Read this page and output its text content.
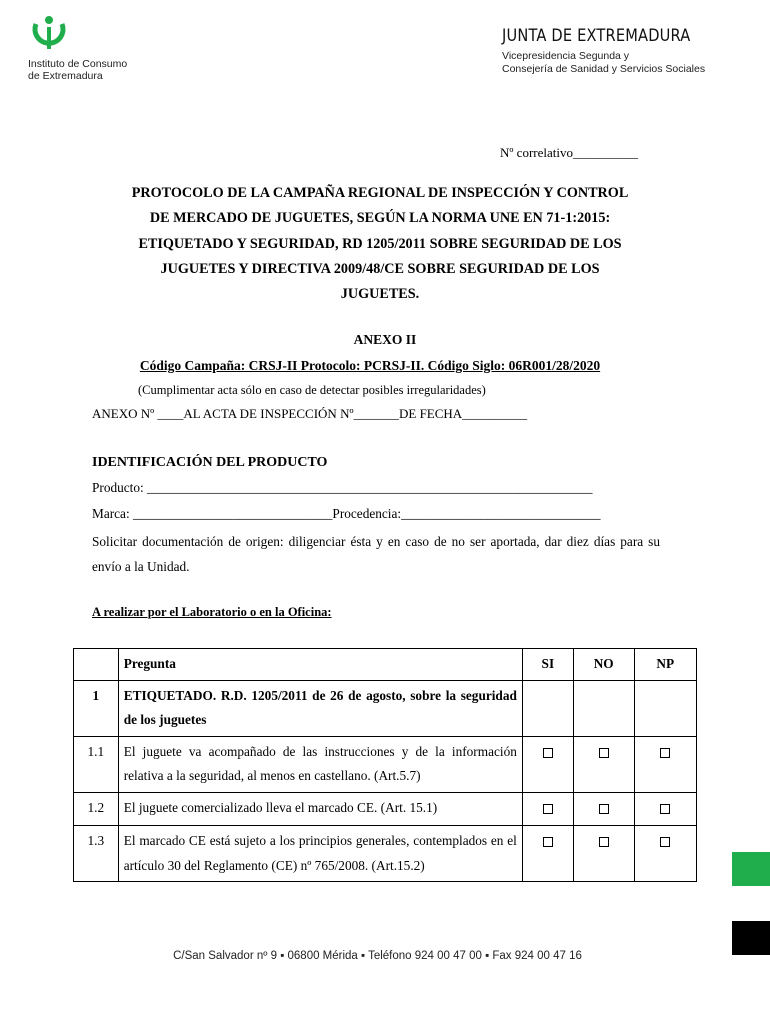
Instituto de Consumo
de Extremadura
JUNTA DE EXTREMADURA
Vicepresidencia Segunda y
Consejería de Sanidad y Servicios Sociales
Nº correlativo__________
PROTOCOLO DE LA CAMPAÑA REGIONAL DE INSPECCIÓN Y CONTROL
DE MERCADO DE JUGUETES, SEGÚN LA NORMA UNE EN 71-1:2015:
ETIQUETADO Y SEGURIDAD, RD 1205/2011 SOBRE SEGURIDAD DE LOS
JUGUETES Y DIRECTIVA 2009/48/CE SOBRE SEGURIDAD DE LOS
JUGUETES.
ANEXO II
Código Campaña: CRSJ-II Protocolo: PCRSJ-II. Código Siglo: 06R001/28/2020
(Cumplimentar acta sólo en caso de detectar posibles irregularidades)
ANEXO Nº ____AL ACTA DE INSPECCIÓN Nº_______DE FECHA__________
IDENTIFICACIÓN DEL PRODUCTO
Producto: ___________________________________________________________________
Marca: ______________________________Procedencia:______________________________
Solicitar documentación de origen: diligenciar ésta y en caso de no ser aportada, dar diez días para su envío a la Unidad.
A realizar por el Laboratorio o en la Oficina:
	Pregunta	SI	NO	NP
1	ETIQUETADO. R.D. 1205/2011 de 26 de agosto, sobre la seguridad de los juguetes			
1.1	El juguete va acompañado de las instrucciones y de la información relativa a la seguridad, al menos en castellano. (Art.5.7)			
1.2	El juguete comercializado lleva el marcado CE. (Art. 15.1)			
1.3	El marcado CE está sujeto a los principios generales, contemplados en el artículo 30 del Reglamento (CE) nº 765/2008. (Art.15.2)			
C/San Salvador nº 9 ▪ 06800 Mérida ▪ Teléfono 924 00 47 00 ▪ Fax 924 00 47 16
